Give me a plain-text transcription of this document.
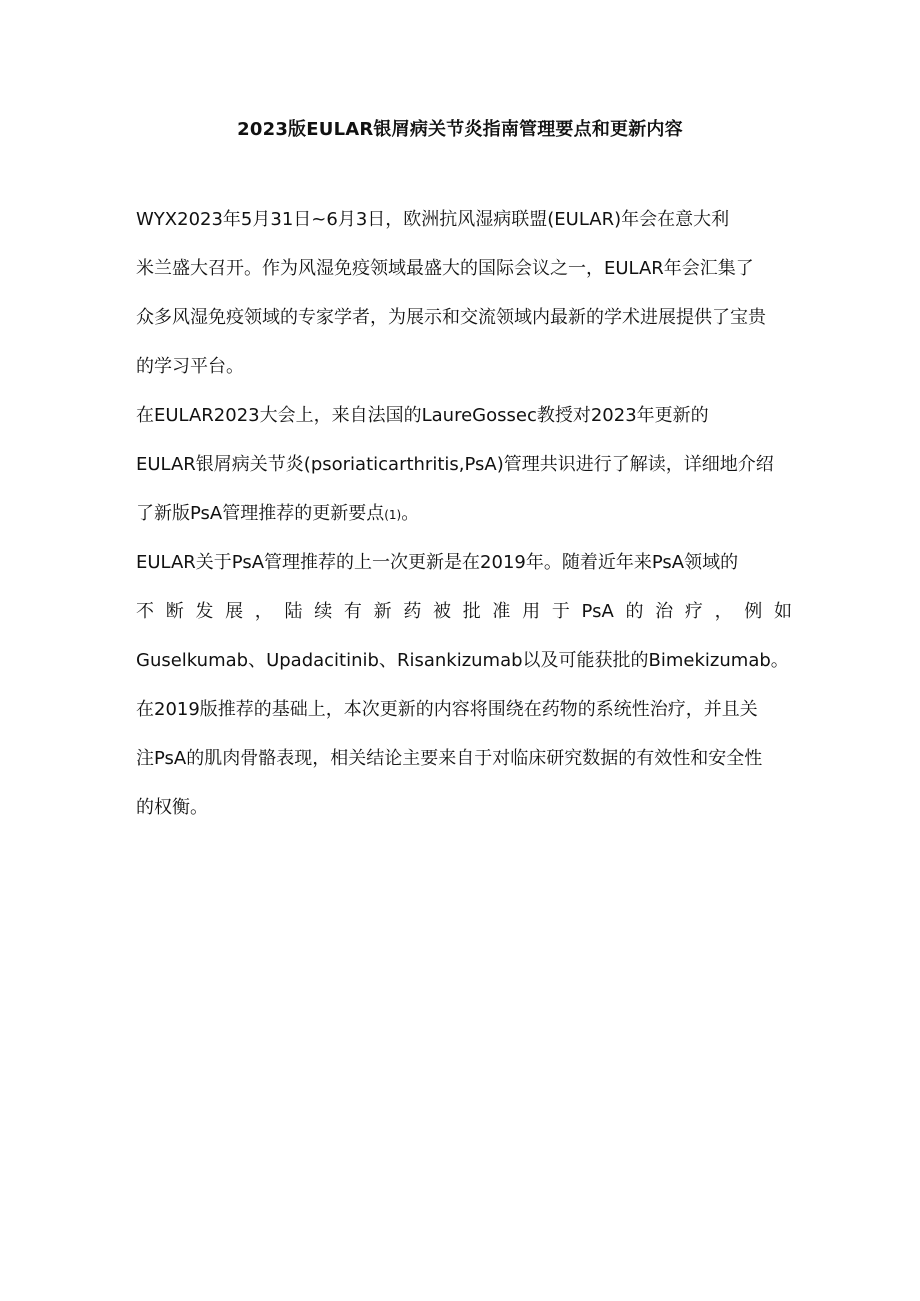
2023版EULAR银屑病关节炎指南管理要点和更新内容
WYX2023年5月31日~6月3日，欧洲抗风湿病联盟(EULAR)年会在意大利
米兰盛大召开。作为风湿免疫领域最盛大的国际会议之一，EULAR年会汇集了
众多风湿免疫领域的专家学者，为展示和交流领域内最新的学术进展提供了宝贵
的学习平台。
在EULAR2023大会上，来自法国的LaureGossec教授对2023年更新的
EULAR银屑病关节炎(psoriaticarthritis,PsA)管理共识进行了解读，详细地介绍
了新版PsA管理推荐的更新要点(1)。
EULAR关于PsA管理推荐的上一次更新是在2019年。随着近年来PsA领域的
不断发展，陆续有新药被批准用于PsA的治疗，例如
Guselkumab、Upadacitinib、Risankizumab以及可能获批的Bimekizumab。
在2019版推荐的基础上，本次更新的内容将围绕在药物的系统性治疗，并且关
注PsA的肌肉骨骼表现，相关结论主要来自于对临床研究数据的有效性和安全性
的权衡。
